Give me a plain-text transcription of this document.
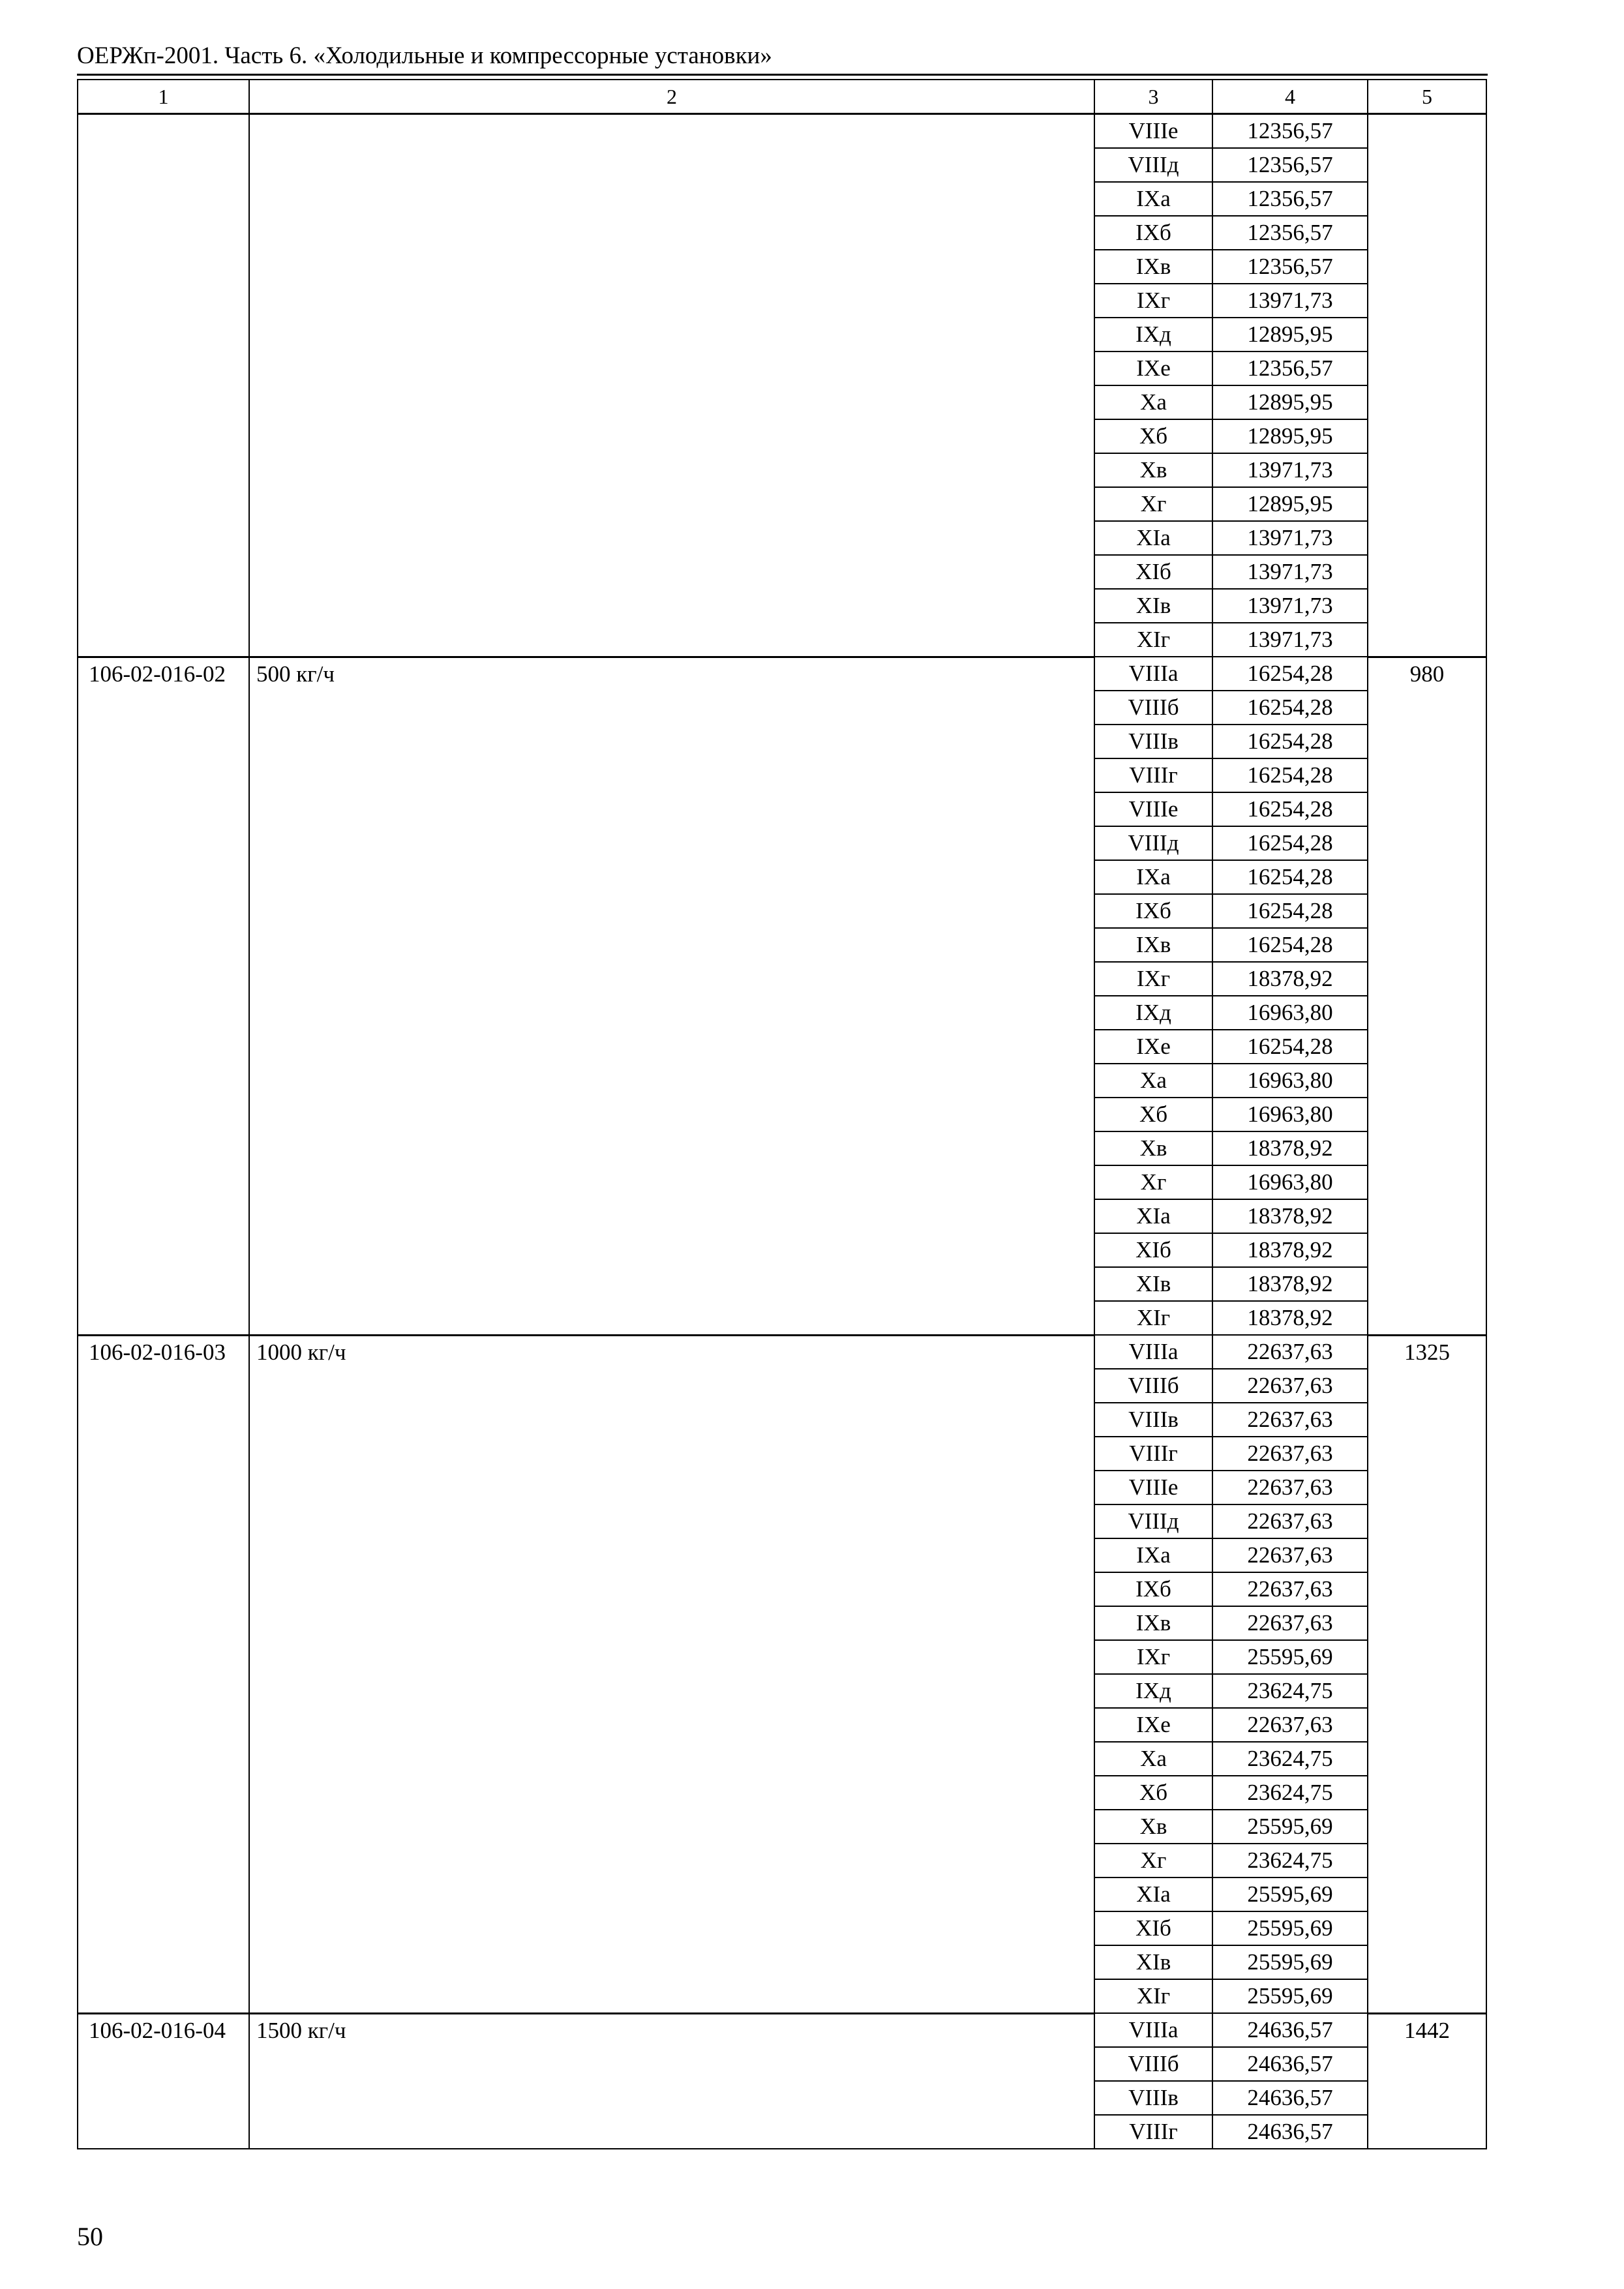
ОЕРЖп-2001. Часть 6. «Холодильные и компрессорные установки»
1	2	3	4	5
		VIIIе	12356,57	
		VIIIд	12356,57	
		IXа	12356,57	
		IXб	12356,57	
		IXв	12356,57	
		IXг	13971,73	
		IXд	12895,95	
		IXе	12356,57	
		Xа	12895,95	
		Xб	12895,95	
		Xв	13971,73	
		Xг	12895,95	
		XIа	13971,73	
		XIб	13971,73	
		XIв	13971,73	
		XIг	13971,73	
106-02-016-02	500 кг/ч	VIIIа	16254,28	980
		VIIIб	16254,28	
		VIIIв	16254,28	
		VIIIг	16254,28	
		VIIIе	16254,28	
		VIIIд	16254,28	
		IXа	16254,28	
		IXб	16254,28	
		IXв	16254,28	
		IXг	18378,92	
		IXд	16963,80	
		IXе	16254,28	
		Xа	16963,80	
		Xб	16963,80	
		Xв	18378,92	
		Xг	16963,80	
		XIа	18378,92	
		XIб	18378,92	
		XIв	18378,92	
		XIг	18378,92	
106-02-016-03	1000 кг/ч	VIIIа	22637,63	1325
		VIIIб	22637,63	
		VIIIв	22637,63	
		VIIIг	22637,63	
		VIIIе	22637,63	
		VIIIд	22637,63	
		IXа	22637,63	
		IXб	22637,63	
		IXв	22637,63	
		IXг	25595,69	
		IXд	23624,75	
		IXе	22637,63	
		Xа	23624,75	
		Xб	23624,75	
		Xв	25595,69	
		Xг	23624,75	
		XIа	25595,69	
		XIб	25595,69	
		XIв	25595,69	
		XIг	25595,69	
106-02-016-04	1500 кг/ч	VIIIа	24636,57	1442
		VIIIб	24636,57	
		VIIIв	24636,57	
		VIIIг	24636,57	
50
